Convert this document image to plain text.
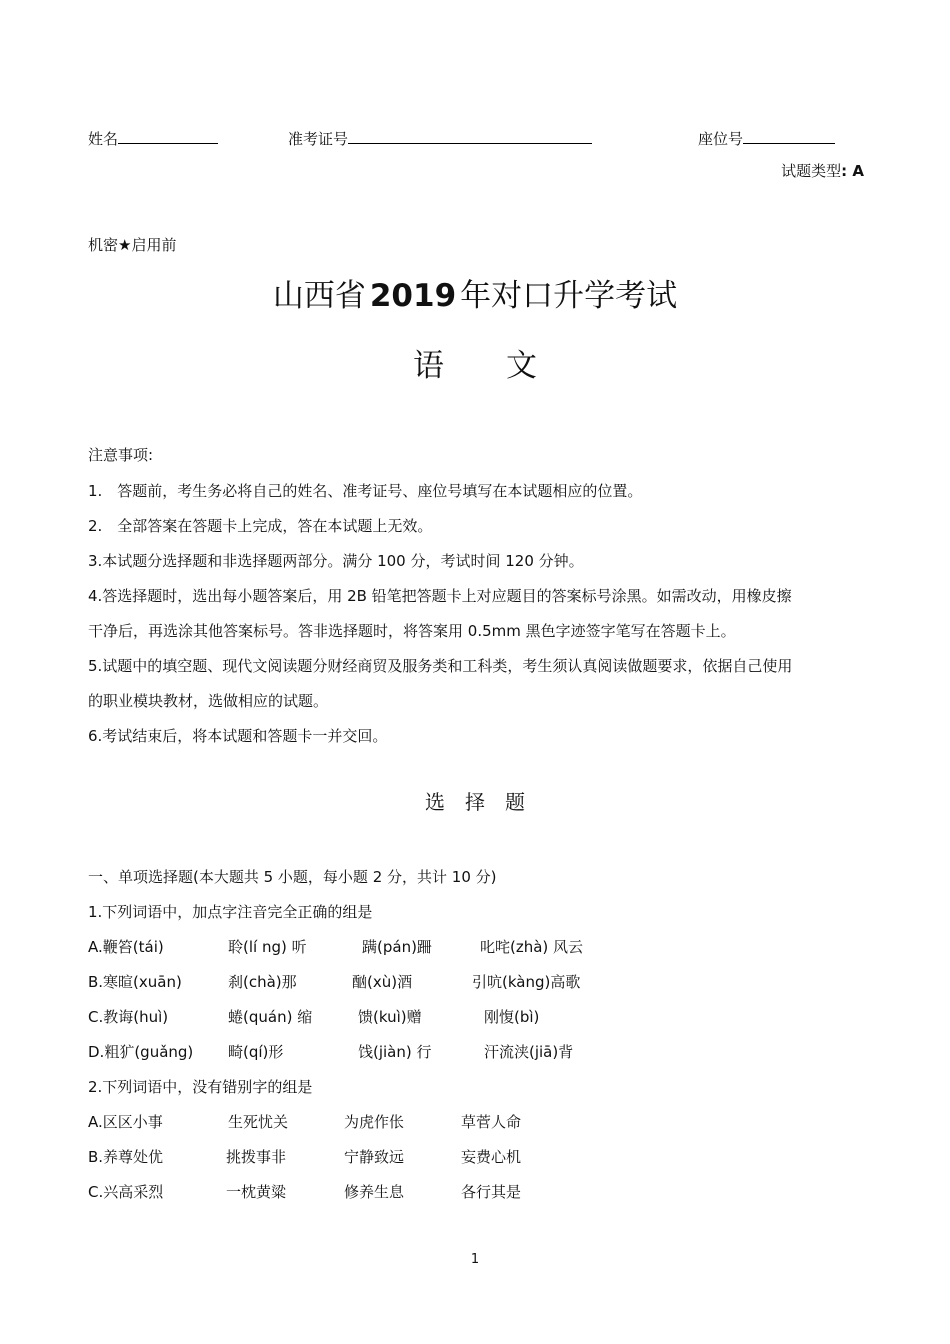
姓名	准考证号	座位号
试题类型: A
机密★启用前
山西省 2019 年对口升学考试
语　　文
注意事项:
1.　答题前，考生务必将自己的姓名、准考证号、座位号填写在本试题相应的位置。
2.　全部答案在答题卡上完成，答在本试题上无效。
3.本试题分选择题和非选择题两部分。满分 100 分，考试时间 120 分钟。
4.答选择题时，选出每小题答案后，用 2B 铅笔把答题卡上对应题目的答案标号涂黑。如需改动，用橡皮擦
干净后，再选涂其他答案标号。答非选择题时，将答案用 0.5mm 黑色字迹签字笔写在答题卡上。
5.试题中的填空题、现代文阅读题分财经商贸及服务类和工科类，考生须认真阅读做题要求，依据自己使用
的职业模块教材，选做相应的试题。
6.考试结束后，将本试题和答题卡一并交回。
选　择　题
一、单项选择题(本大题共 5 小题，每小题 2 分，共计 10 分)
1.下列词语中，加点字注音完全正确的组是
A.鞭笞(tái)	聆(lí ng) 听	蹒(pán)跚	叱咤(zhà) 风云
B.寒暄(xuān)	刹(chà)那	酗(xù)酒	引吭(kàng)高歌
C.教诲(huì)	蜷(quán) 缩	馈(kuì)赠	刚愎(bì)
D.粗犷(guǎng) 畸(qí)形	饯(jiàn) 行	汗流浃(jiā)背
2.下列词语中，没有错别字的组是
A.区区小事	生死忧关	为虎作伥	草菅人命
B.养尊处优	挑拨事非	宁静致远	妄费心机
C.兴高采烈	一枕黄粱	修养生息	各行其是
1
